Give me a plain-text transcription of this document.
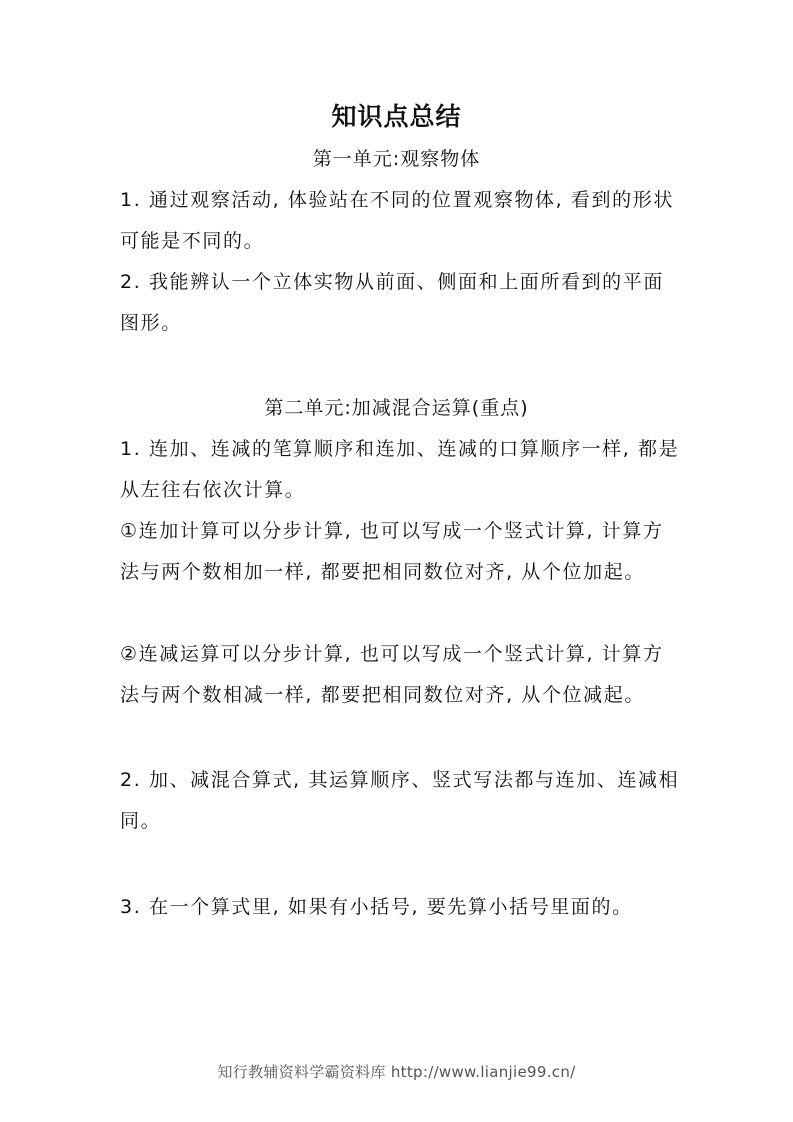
知识点总结
第一单元:观察物体

1. 通过观察活动, 体验站在不同的位置观察物体, 看到的形状可能是不同的。

2. 我能辨认一个立体实物从前面、侧面和上面所看到的平面图形。

第二单元:加减混合运算(重点)

1. 连加、连减的笔算顺序和连加、连减的口算顺序一样, 都是从左往右依次计算。

①连加计算可以分步计算, 也可以写成一个竖式计算, 计算方法与两个数相加一样, 都要把相同数位对齐, 从个位加起。

②连减运算可以分步计算, 也可以写成一个竖式计算, 计算方法与两个数相减一样, 都要把相同数位对齐, 从个位减起。

2. 加、减混合算式, 其运算顺序、竖式写法都与连加、连减相同。

3. 在一个算式里, 如果有小括号, 要先算小括号里面的。

知行教辅资料学霸资料库 http://www.lianjie99.cn/
